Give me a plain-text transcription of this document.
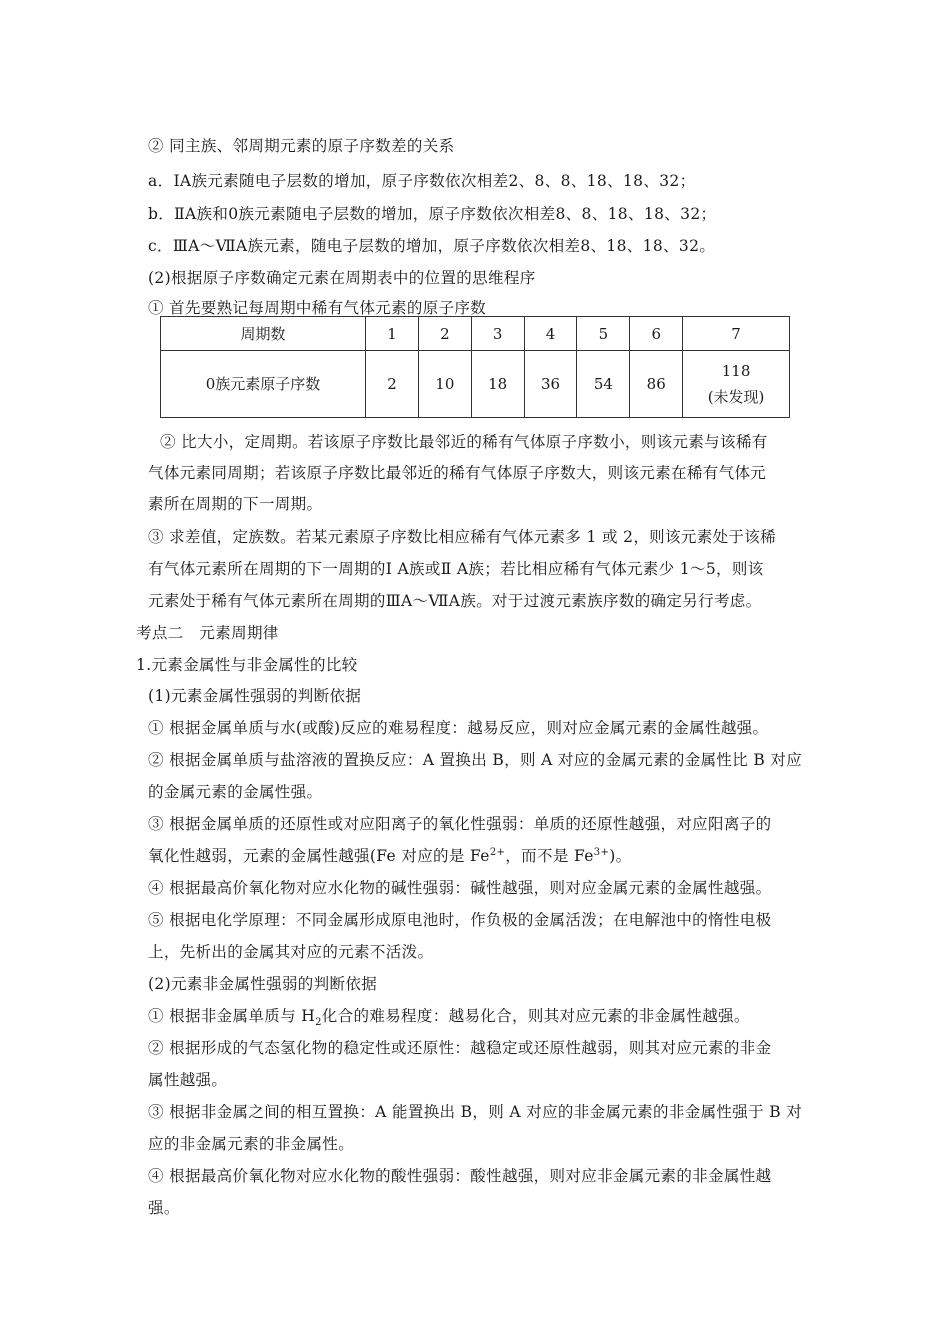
② 同主族、邻周期元素的原子序数差的关系
a．ⅠA族元素随电子层数的增加，原子序数依次相差2、8、8、18、18、32；
b．ⅡA族和0族元素随电子层数的增加，原子序数依次相差8、8、18、18、32；
c．ⅢA～ⅦA族元素，随电子层数的增加，原子序数依次相差8、18、18、32。
(2)根据原子序数确定元素在周期表中的位置的思维程序
① 首先要熟记每周期中稀有气体元素的原子序数
周期数	1	2	3	4	5	6	7
0族元素原子序数	2	10	18	36	54	86	118
(未发现)
② 比大小，定周期。若该原子序数比最邻近的稀有气体原子序数小，则该元素与该稀有
气体元素同周期；若该原子序数比最邻近的稀有气体原子序数大，则该元素在稀有气体元
素所在周期的下一周期。
③ 求差值，定族数。若某元素原子序数比相应稀有气体元素多 1 或 2，则该元素处于该稀
有气体元素所在周期的下一周期的Ⅰ A族或Ⅱ A族；若比相应稀有气体元素少 1～5，则该
元素处于稀有气体元素所在周期的ⅢA～ⅦA族。对于过渡元素族序数的确定另行考虑。
考点二　元素周期律
1.元素金属性与非金属性的比较
(1)元素金属性强弱的判断依据
① 根据金属单质与水(或酸)反应的难易程度：越易反应，则对应金属元素的金属性越强。
② 根据金属单质与盐溶液的置换反应：A 置换出 B，则 A 对应的金属元素的金属性比 B 对应
的金属元素的金属性强。
③ 根据金属单质的还原性或对应阳离子的氧化性强弱：单质的还原性越强，对应阳离子的
氧化性越弱，元素的金属性越强(Fe 对应的是 $Fe^{2+}$，而不是 $Fe^{3+}$)。
④ 根据最高价氧化物对应水化物的碱性强弱：碱性越强，则对应金属元素的金属性越强。
⑤ 根据电化学原理：不同金属形成原电池时，作负极的金属活泼；在电解池中的惰性电极
上，先析出的金属其对应的元素不活泼。
(2)元素非金属性强弱的判断依据
① 根据非金属单质与 $H_2$化合的难易程度：越易化合，则其对应元素的非金属性越强。
② 根据形成的气态氢化物的稳定性或还原性：越稳定或还原性越弱，则其对应元素的非金
属性越强。
③ 根据非金属之间的相互置换：A 能置换出 B，则 A 对应的非金属元素的非金属性强于 B 对
应的非金属元素的非金属性。
④ 根据最高价氧化物对应水化物的酸性强弱：酸性越强，则对应非金属元素的非金属性越
强。
